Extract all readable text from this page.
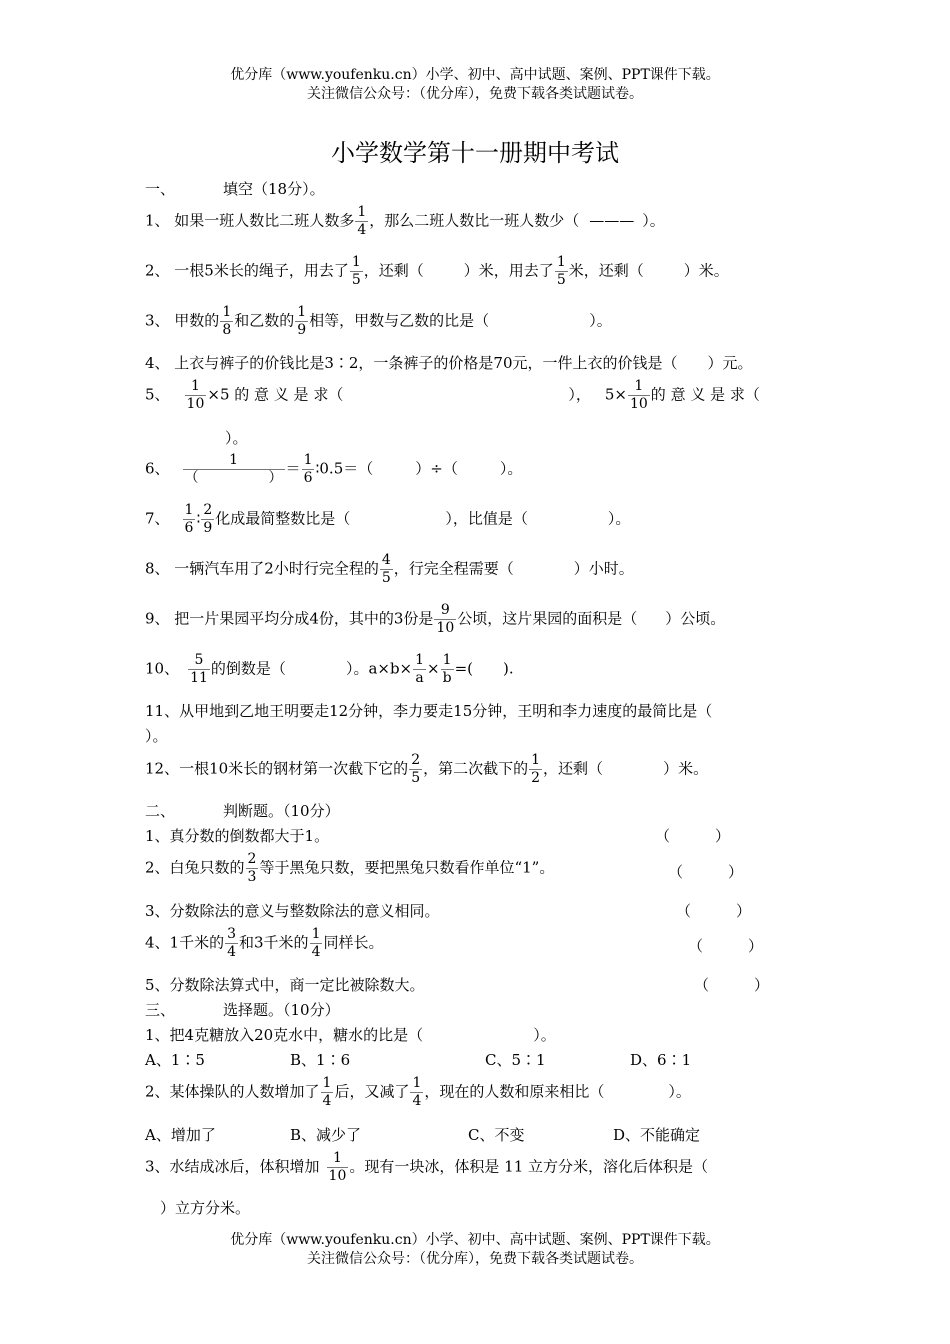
优分库（www.youfenku.cn）小学、初中、高中试题、案例、PPT课件下载。
关注微信公众号：（优分库），免费下载各类试题试卷。
小学数学第十一册期中考试
一、	填空（18分）。
1、 如果一班人数比二班人数多 $\frac{1}{4}$ ，那么二班人数比一班人数少（ ——— ）。
2、 一根5米长的绳子，用去了 $\frac{1}{5}$ ，还剩（	）米，用去了 $\frac{1}{5}$ 米，还剩（	）米。
3、 甲数的 $\frac{1}{8}$ 和乙数的 $\frac{1}{9}$ 相等，甲数与乙数的比是（	）。
4、 上衣与裤子的价钱比是3∶2，一条裤子的价格是70元，一件上衣的价钱是（　　）元。
5、 $\frac{1}{10} \times 5$ 的 意 义 是 求（	）， $5\times \frac{1}{10}$ 的 意 义 是 求（
）。
6、 $\frac{1}{( )} = \frac{1}{6}$ ∶0.5＝（	）÷（	）。
7、 $\frac{1}{6}$ ∶ $\frac{2}{9}$ 化成最简整数比是（	），比值是（	）。
8、 一辆汽车用了2小时行完全程的 $\frac{4}{5}$ ，行完全程需要（	）小时。
9、 把一片果园平均分成4份，其中的3份是 $\frac{9}{10}$ 公顷，这片果园的面积是（ ）公顷。
10、 $\frac{5}{11}$ 的倒数是（	）。$a\times b\times \frac{1}{a} \times \frac{1}{b}$ =(　　).
11、从甲地到乙地王明要走12分钟，李力要走15分钟，王明和李力速度的最简比是（
）。
12、一根10米长的钢材第一次截下它的 $\frac{2}{5}$ ，第二次截下的 $\frac{1}{2}$ ，还剩（	）米。
二、	判断题。（10分）
1、真分数的倒数都大于1。	（　　　）
2、白兔只数的 $\frac{2}{3}$ 等于黑兔只数，要把黑兔只数看作单位“1”。	（　　　）
3、分数除法的意义与整数除法的意义相同。	（　　　）
4、1千米的 $\frac{3}{4}$ 和3千米的 $\frac{1}{4}$ 同样长。	（　　　）
5、分数除法算式中，商一定比被除数大。	（　　　）
三、	选择题。（10分）
1、把4克糖放入20克水中，糖水的比是（	）。
A、1∶5	B、1∶6	C、5∶1	D、6∶1
2、某体操队的人数增加了 $\frac{1}{4}$ 后，又减了 $\frac{1}{4}$ ，现在的人数和原来相比（	）。
A、增加了	B、减少了	C、不变	D、不能确定
3、水结成冰后，体积增加 $\frac{1}{10}$ 。现有一块冰，体积是 11 立方分米，溶化后体积是（
）立方分米。
优分库（www.youfenku.cn）小学、初中、高中试题、案例、PPT课件下载。
关注微信公众号：（优分库），免费下载各类试题试卷。
